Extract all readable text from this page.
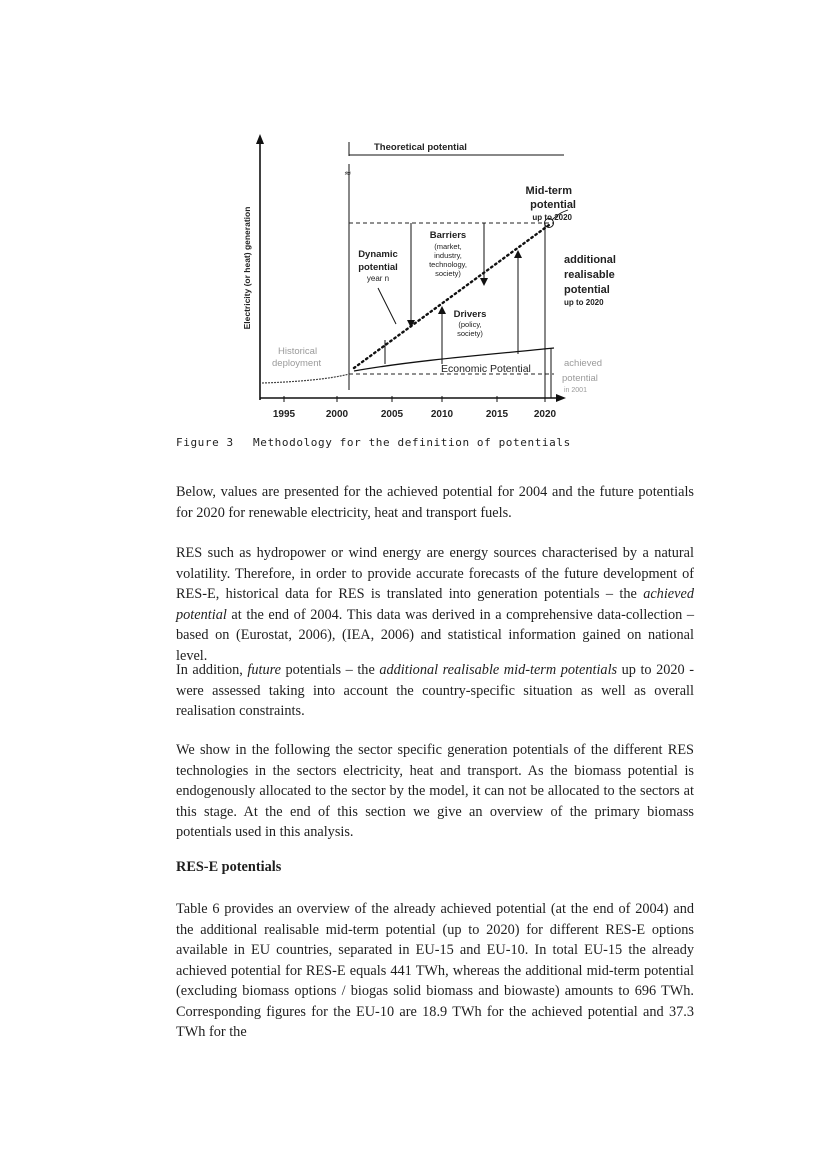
Electricity (or heat) generation
1995	2000	2005	2010	2015	2020
Theoretical potential
≈
Barriers
(market,
industry,
technology,
society)
Dynamic
potential
year n
Drivers
(policy,
society)
Mid-term
potential
up to 2020
additional
realisable
potential
up to 2020
Historical
deployment	Economic Potential	achieved
potential
in 2001
Figure 3 Methodology for the definition of potentials

Below, values are presented for the achieved potential for 2004 and the future potentials for 2020 for renewable electricity, heat and transport fuels.

RES such as hydropower or wind energy are energy sources characterised by a natural volatility. Therefore, in order to provide accurate forecasts of the future development of RES-E, historical data for RES is translated into generation potentials – the achieved potential at the end of 2004. This data was derived in a comprehensive data-collection – based on (Eurostat, 2006), (IEA, 2006) and statistical information gained on national level.

In addition, future potentials – the additional realisable mid-term potentials up to 2020 - were assessed taking into account the country-specific situation as well as overall realisation constraints.

We show in the following the sector specific generation potentials of the different RES technologies in the sectors electricity, heat and transport. As the biomass potential is endogenously allocated to the sector by the model, it can not be allocated to the sectors at this stage. At the end of this section we give an overview of the primary biomass potentials used in this analysis.

RES-E potentials

Table 6 provides an overview of the already achieved potential (at the end of 2004) and the additional realisable mid-term potential (up to 2020) for different RES-E options available in EU countries, separated in EU-15 and EU-10. In total EU-15 the already achieved potential for RES-E equals 441 TWh, whereas the additional mid-term potential (excluding biomass options / biogas solid biomass and biowaste) amounts to 696 TWh. Corresponding figures for the EU-10 are 18.9 TWh for the achieved potential and 37.3 TWh for the
